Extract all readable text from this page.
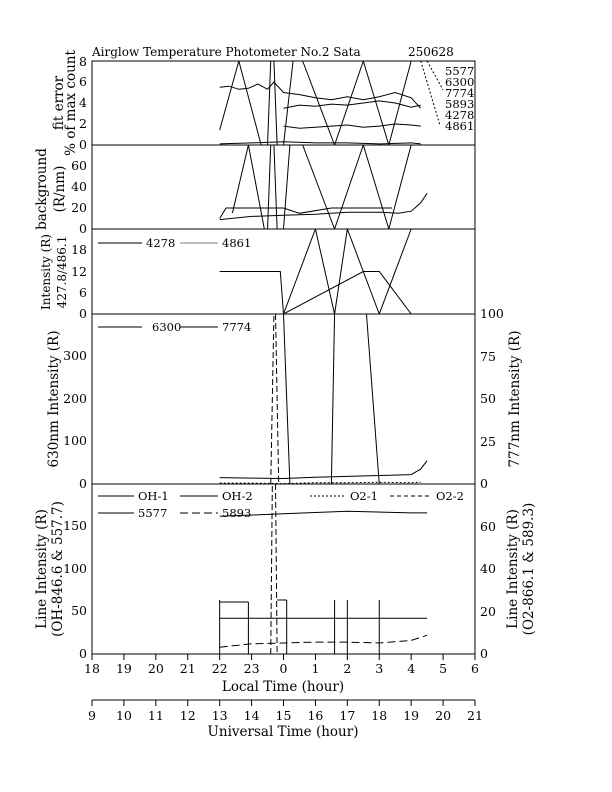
Airglow Temperature Photometer No.2 Sata	250628
fit error
% of max count 0
2
4
6
8
5577
6300
7774
5893
4278
4861
background (R/nm)
0
20
40
60
Intensity (R) 427.8/486.1
0
6
12
18	4278	4861
630nm Intensity (R)	777nm Intensity (R)
0
100
200
300
0
25
50
75
100
6300	7774
Line Intensity (R) (OH-846.6 & 557.7)	Line Intensity (R) (O2-866.1 & 589.3)
0
50
100
150
0
20
40
60
OH-1	OH-2	O2-1	O2-2
5577	5893
18 19 20 21 22 23 0 1 2 3 4 5 6
Local Time (hour)
9 10 11 12 13 14 15 16 17 18 19 20 21
Universal Time (hour)
